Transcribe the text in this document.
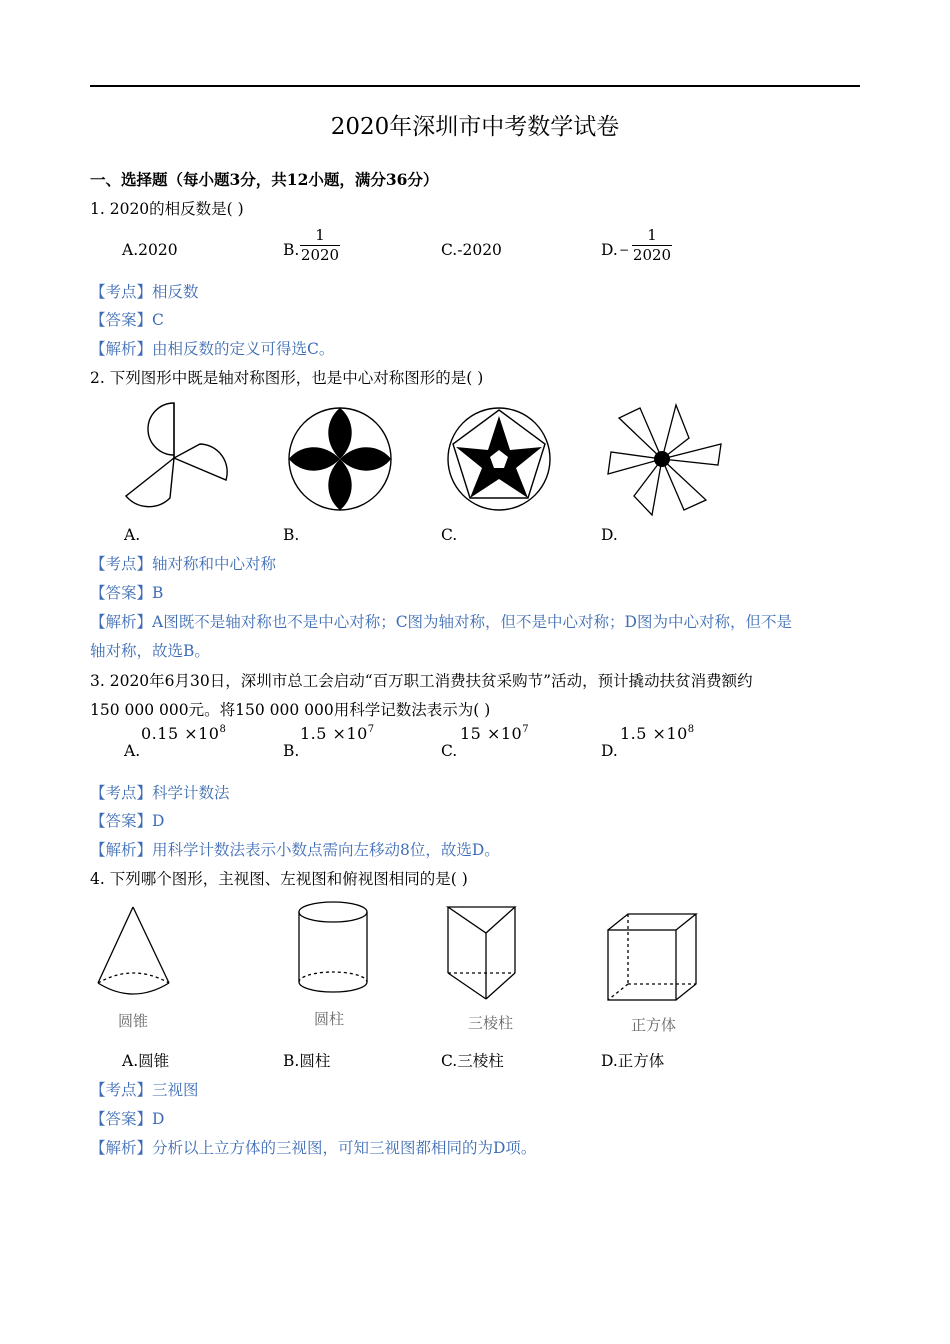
2020年深圳市中考数学试卷
一、选择题（每小题3分，共12小题，满分36分）
1. 2020的相反数是( )
A.2020	B.
1
2020	C.-2020	D. −
1
2020
【考点】相反数
【答案】C
【解析】由相反数的定义可得选C。
2. 下列图形中既是轴对称图形，也是中心对称图形的是( )
A.	B.	C.	D.
【考点】轴对称和中心对称
【答案】B
【解析】A图既不是轴对称也不是中心对称；C图为轴对称，但不是中心对称；D图为中心对称，但不是
轴对称，故选B。
3. 2020年6月30日，深圳市总工会启动“百万职工消费扶贫采购节”活动，预计撬动扶贫消费额约
150 000 000元。将150 000 000用科学记数法表示为( )
A.
$0.15 \times 10^8$
B.
$1.5 \times 10^7$
C.
$15 \times 10^7$
D.
$1.5 \times 10^8$
【考点】科学计数法
【答案】D
【解析】用科学计数法表示小数点需向左移动8位，故选D。
4. 下列哪个图形，主视图、左视图和俯视图相同的是( )
圆锥	圆柱	三棱柱	正方体
A.圆锥	B.圆柱	C.三棱柱	D.正方体
【考点】三视图
【答案】D
【解析】分析以上立方体的三视图，可知三视图都相同的为D项。
